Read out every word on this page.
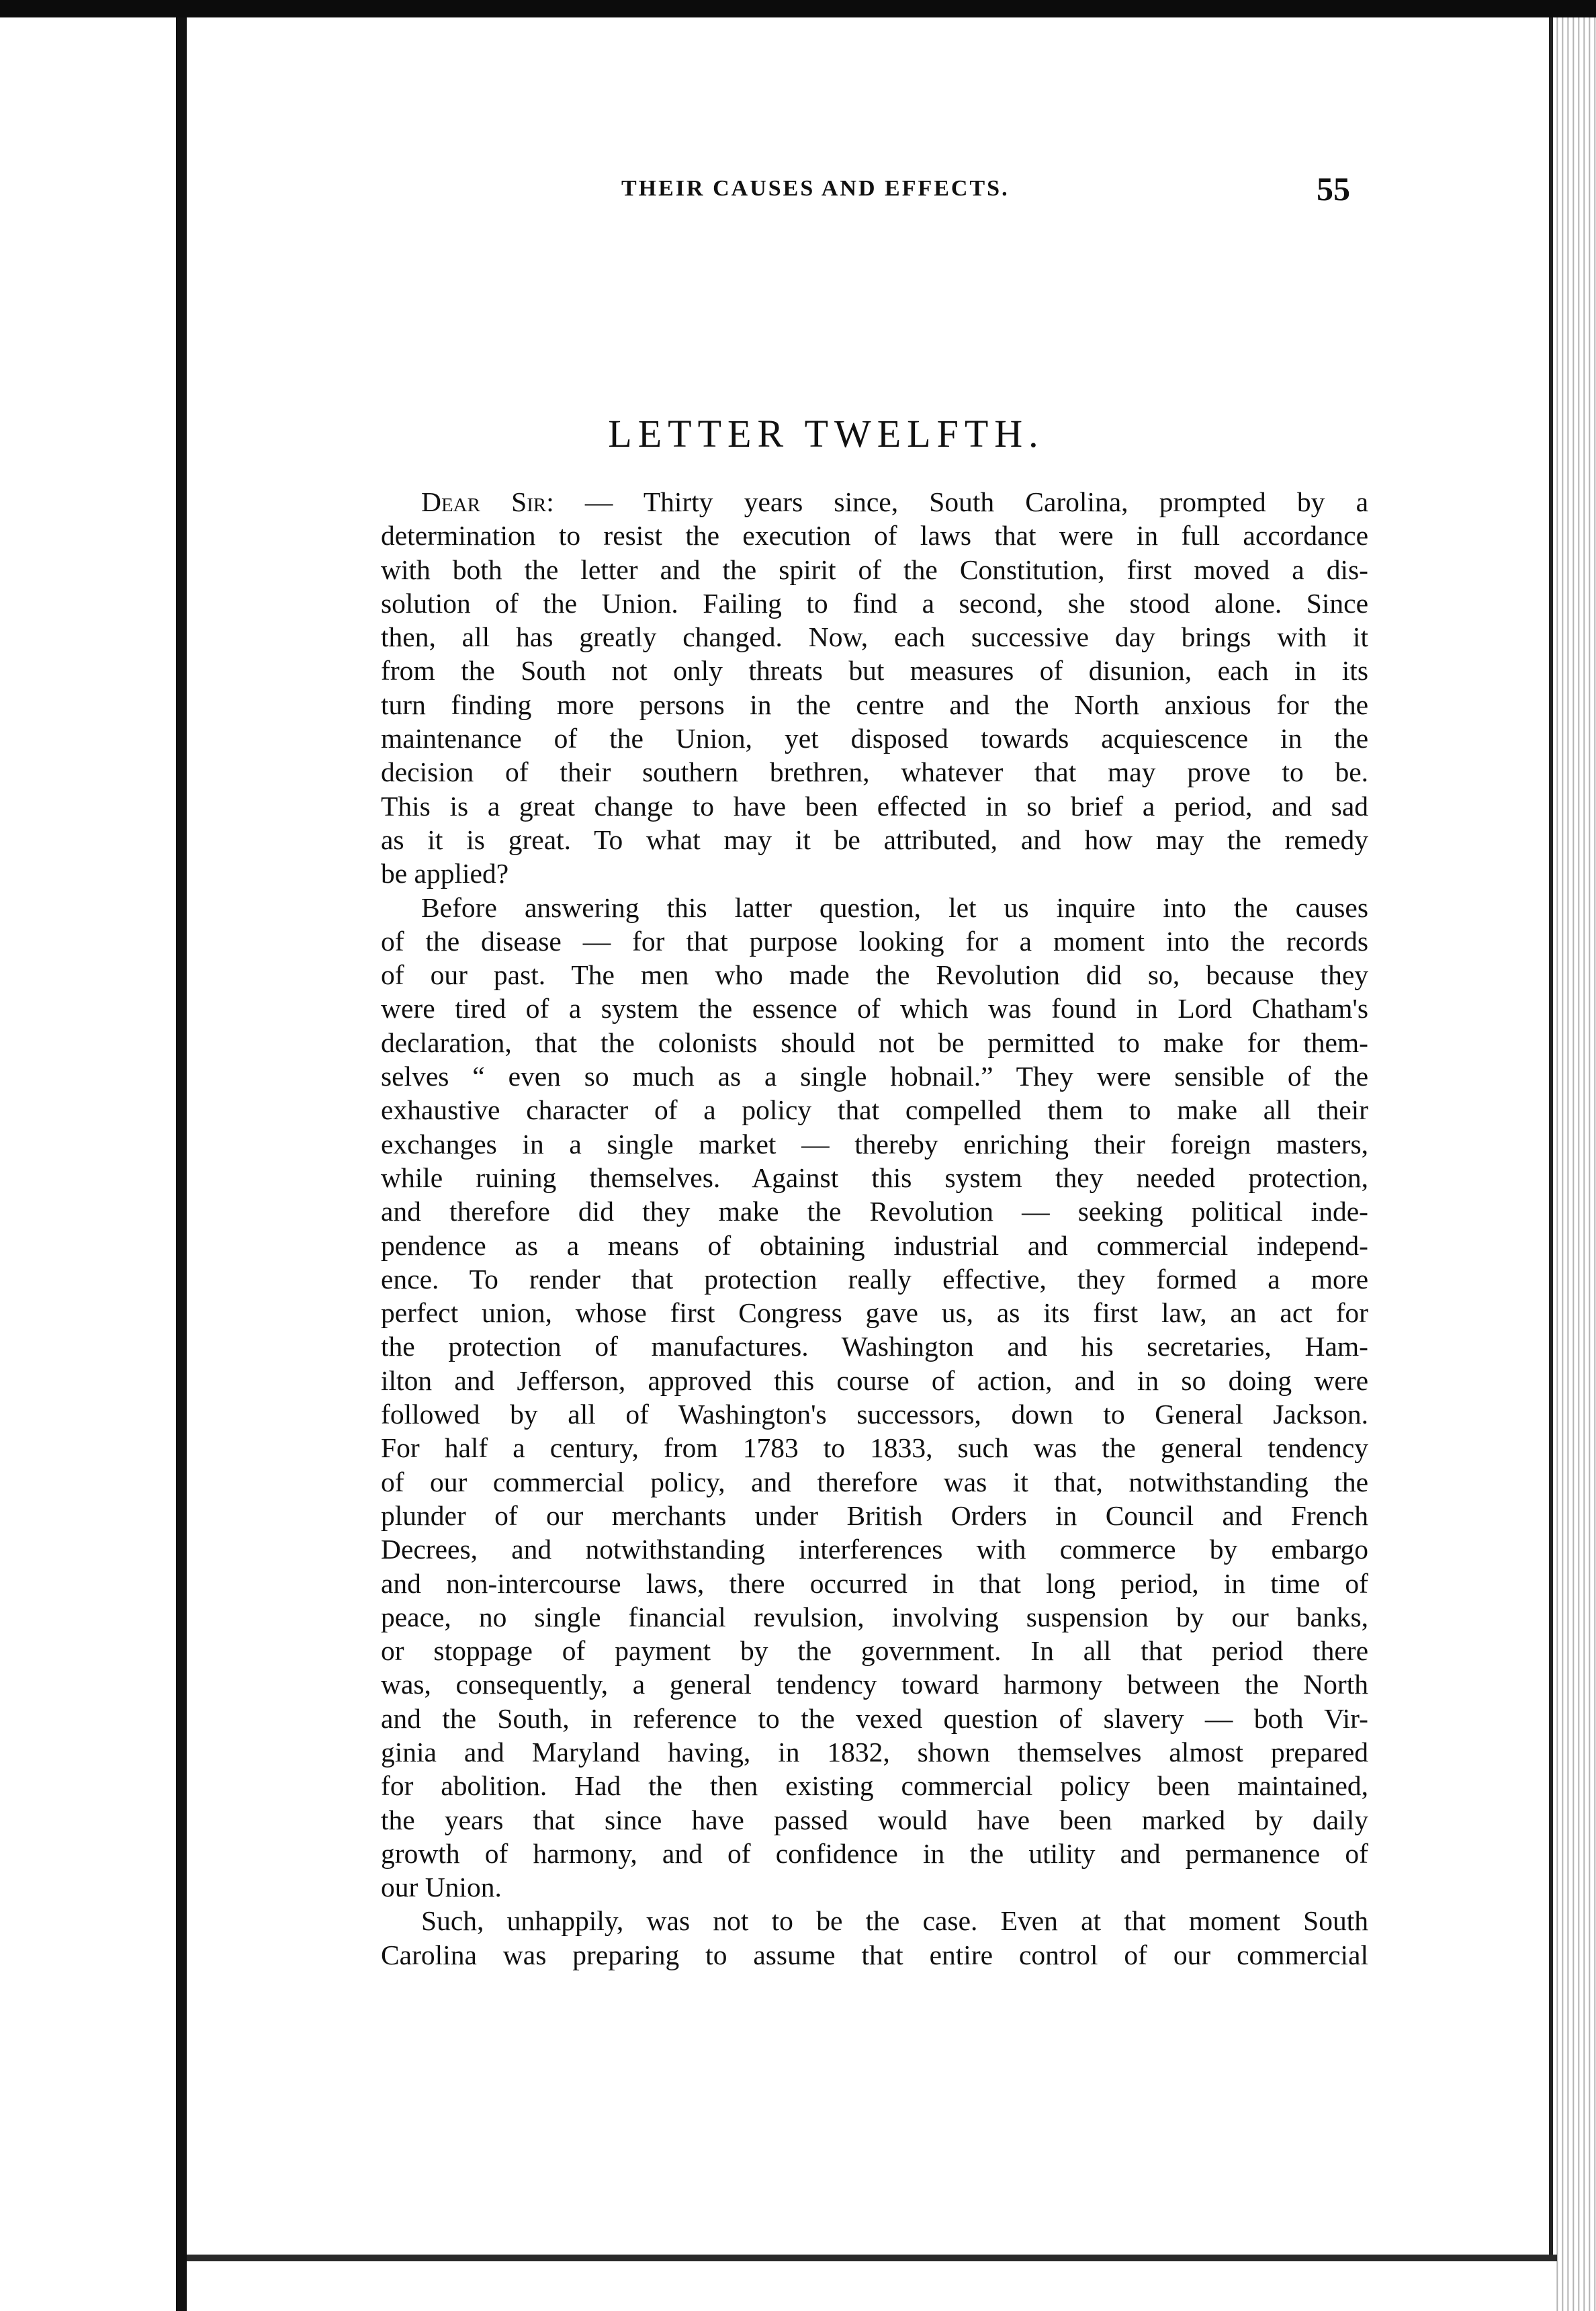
THEIR CAUSES AND EFFECTS.	55
LETTER TWELFTH.
Dear Sir: — Thirty years since, South Carolina, prompted by a
determination to resist the execution of laws that were in full accordance
with both the letter and the spirit of the Constitution, first moved a dis-
solution of the Union. Failing to find a second, she stood alone. Since
then, all has greatly changed. Now, each successive day brings with it
from the South not only threats but measures of disunion, each in its
turn finding more persons in the centre and the North anxious for the
maintenance of the Union, yet disposed towards acquiescence in the
decision of their southern brethren, whatever that may prove to be.
This is a great change to have been effected in so brief a period, and sad
as it is great. To what may it be attributed, and how may the remedy
be applied?
Before answering this latter question, let us inquire into the causes
of the disease — for that purpose looking for a moment into the records
of our past. The men who made the Revolution did so, because they
were tired of a system the essence of which was found in Lord Chatham's
declaration, that the colonists should not be permitted to make for them-
selves “ even so much as a single hobnail.” They were sensible of the
exhaustive character of a policy that compelled them to make all their
exchanges in a single market — thereby enriching their foreign masters,
while ruining themselves. Against this system they needed protection,
and therefore did they make the Revolution — seeking political inde-
pendence as a means of obtaining industrial and commercial independ-
ence. To render that protection really effective, they formed a more
perfect union, whose first Congress gave us, as its first law, an act for
the protection of manufactures. Washington and his secretaries, Ham-
ilton and Jefferson, approved this course of action, and in so doing were
followed by all of Washington's successors, down to General Jackson.
For half a century, from 1783 to 1833, such was the general tendency
of our commercial policy, and therefore was it that, notwithstanding the
plunder of our merchants under British Orders in Council and French
Decrees, and notwithstanding interferences with commerce by embargo
and non-intercourse laws, there occurred in that long period, in time of
peace, no single financial revulsion, involving suspension by our banks,
or stoppage of payment by the government. In all that period there
was, consequently, a general tendency toward harmony between the North
and the South, in reference to the vexed question of slavery — both Vir-
ginia and Maryland having, in 1832, shown themselves almost prepared
for abolition. Had the then existing commercial policy been maintained,
the years that since have passed would have been marked by daily
growth of harmony, and of confidence in the utility and permanence of
our Union.
Such, unhappily, was not to be the case. Even at that moment South
Carolina was preparing to assume that entire control of our commercial
